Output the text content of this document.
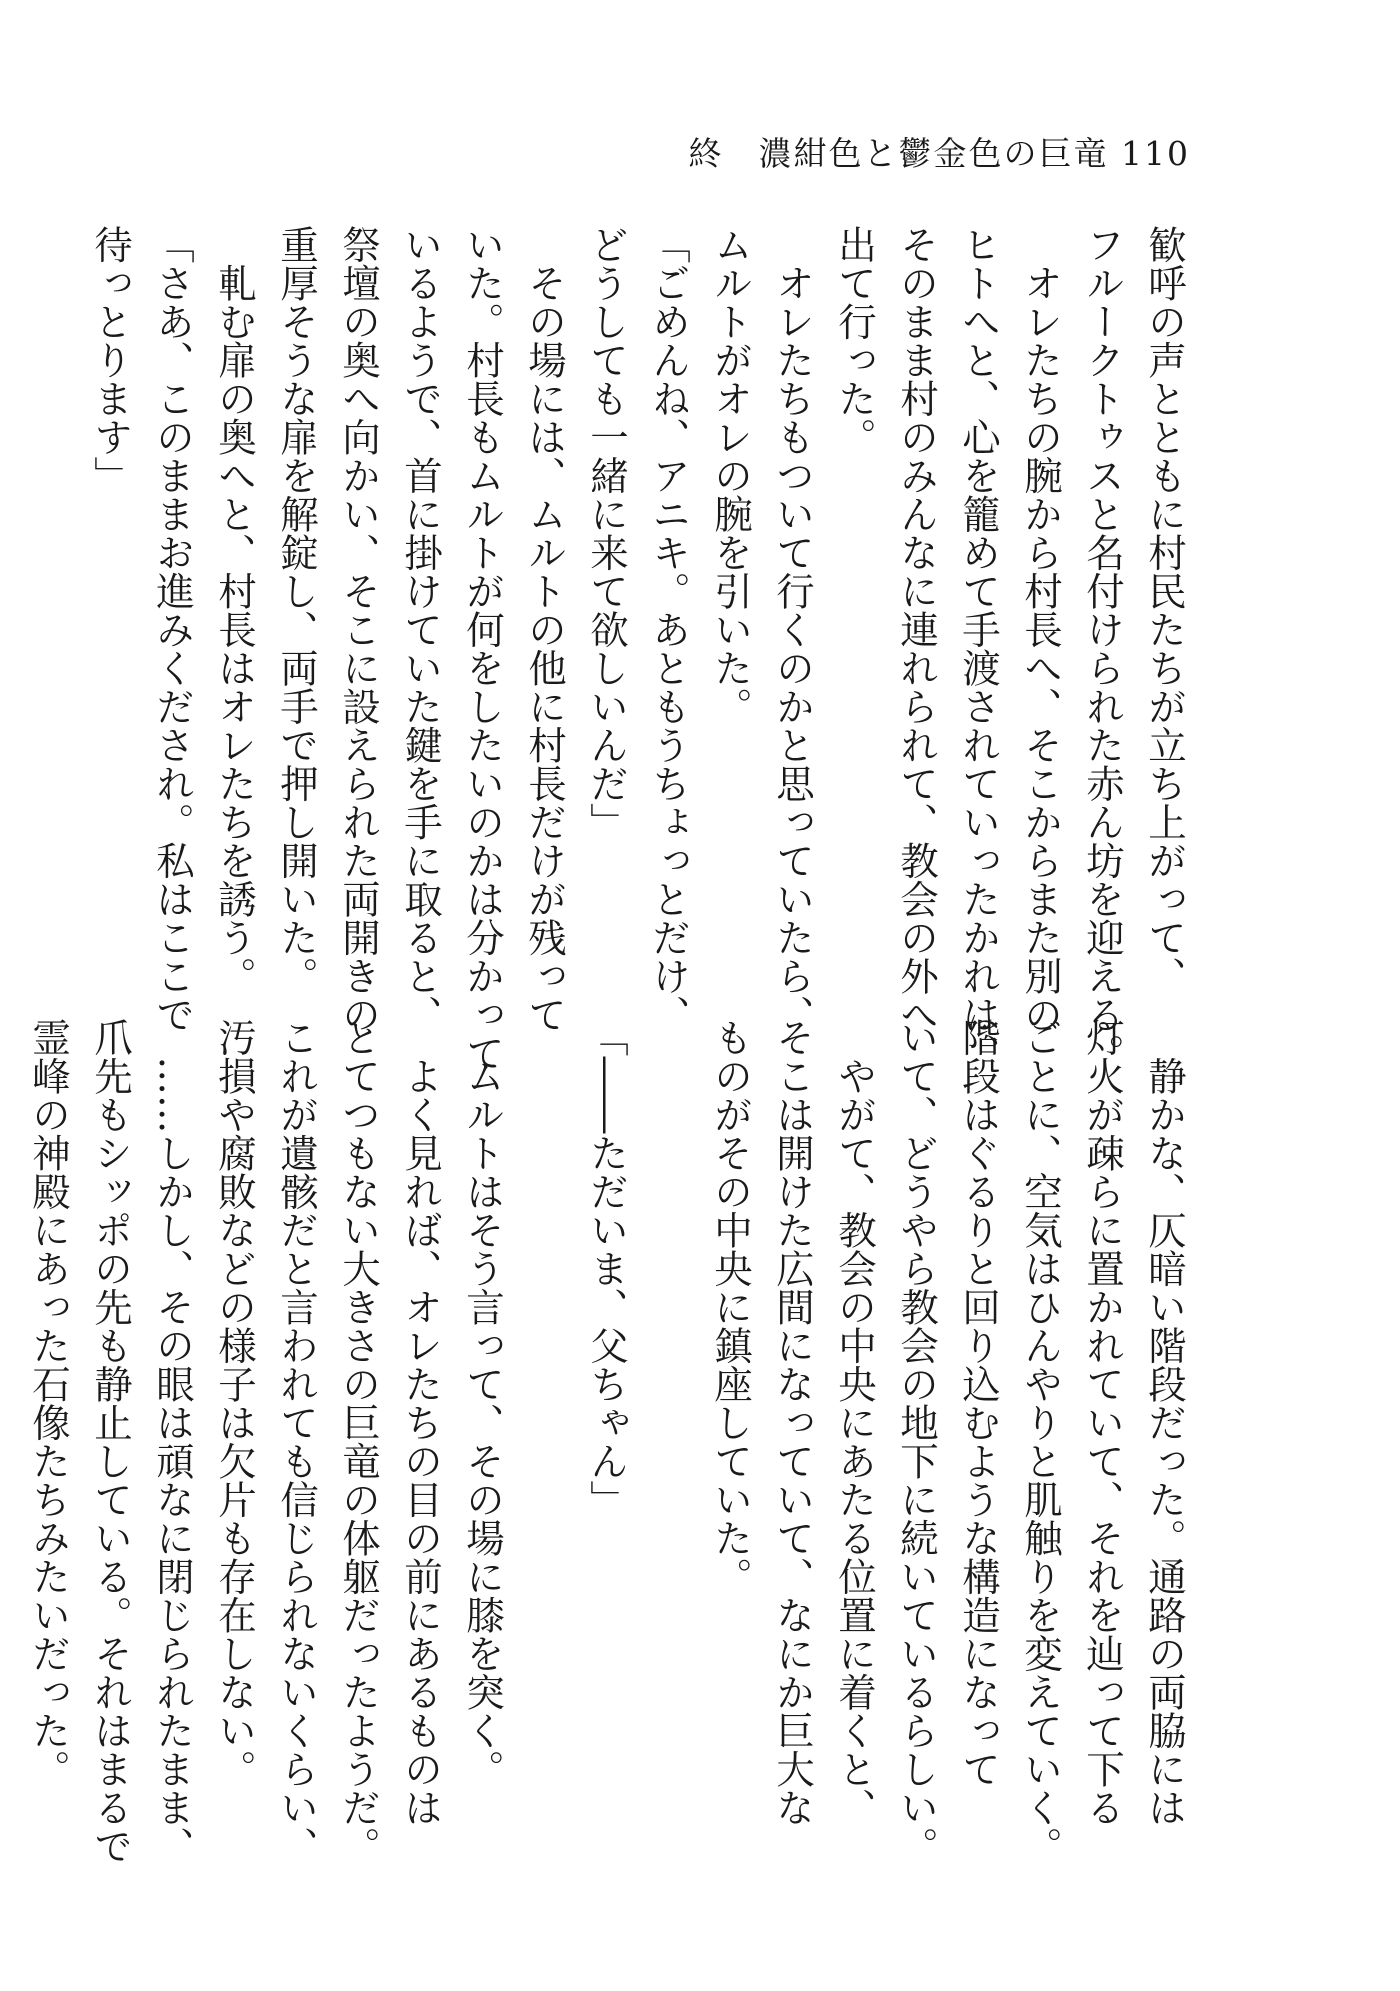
終　濃紺色と鬱金色の巨竜 110
歓呼の声とともに村民たちが立ち上がって、
フルークトゥスと名付けられた赤ん坊を迎える。
　オレたちの腕から村長へ、そこからまた別の
ヒトへと、心を籠めて手渡されていったかれは、
そのまま村のみんなに連れられて、教会の外へ
出て行った。
　オレたちもついて行くのかと思っていたら、
ムルトがオレの腕を引いた。
「ごめんね、アニキ。あともうちょっとだけ、
どうしても一緒に来て欲しいんだ」
　その場には、ムルトの他に村長だけが残って
いた。村長もムルトが何をしたいのかは分かって
いるようで、首に掛けていた鍵を手に取ると、
祭壇の奥へ向かい、そこに設えられた両開きの
重厚そうな扉を解錠し、両手で押し開いた。
　軋む扉の奥へと、村長はオレたちを誘う。
「さあ、このままお進みくだされ。私はここで
待っとります」
　静かな、仄暗い階段だった。通路の両脇には
灯火が疎らに置かれていて、それを辿って下る
ごとに、空気はひんやりと肌触りを変えていく。
階段はぐるりと回り込むような構造になって
いて、どうやら教会の地下に続いているらしい。
　やがて、教会の中央にあたる位置に着くと、
そこは開けた広間になっていて、なにか巨大な
ものがその中央に鎮座していた。
「――ただいま、父ちゃん」
　ムルトはそう言って、その場に膝を突く。
　よく見れば、オレたちの目の前にあるものは
とてつもない大きさの巨竜の体躯だったようだ。
これが遺骸だと言われても信じられないくらい、
汚損や腐敗などの様子は欠片も存在しない。
　……しかし、その眼は頑なに閉じられたまま、
爪先もシッポの先も静止している。それはまるで
霊峰の神殿にあった石像たちみたいだった。
